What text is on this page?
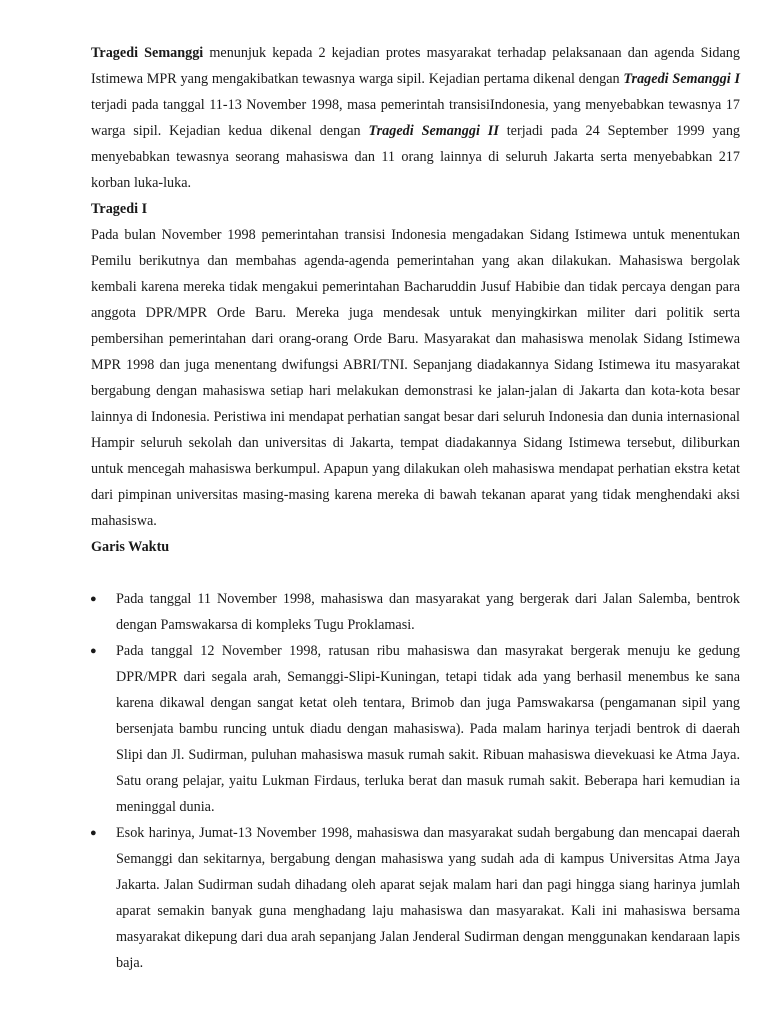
Tragedi Semanggi menunjuk kepada 2 kejadian protes masyarakat terhadap pelaksanaan dan agenda Sidang Istimewa MPR yang mengakibatkan tewasnya warga sipil. Kejadian pertama dikenal dengan Tragedi Semanggi I terjadi pada tanggal 11-13 November 1998, masa pemerintah transisiIndonesia, yang menyebabkan tewasnya 17 warga sipil. Kejadian kedua dikenal dengan Tragedi Semanggi II terjadi pada 24 September 1999 yang menyebabkan tewasnya seorang mahasiswa dan 11 orang lainnya di seluruh Jakarta serta menyebabkan 217 korban luka-luka.

Tragedi I

Pada bulan November 1998 pemerintahan transisi Indonesia mengadakan Sidang Istimewa untuk menentukan Pemilu berikutnya dan membahas agenda-agenda pemerintahan yang akan dilakukan. Mahasiswa bergolak kembali karena mereka tidak mengakui pemerintahan Bacharuddin Jusuf Habibie dan tidak percaya dengan para anggota DPR/MPR Orde Baru. Mereka juga mendesak untuk menyingkirkan militer dari politik serta pembersihan pemerintahan dari orang-orang Orde Baru. Masyarakat dan mahasiswa menolak Sidang Istimewa MPR 1998 dan juga menentang dwifungsi ABRI/TNI. Sepanjang diadakannya Sidang Istimewa itu masyarakat bergabung dengan mahasiswa setiap hari melakukan demonstrasi ke jalan-jalan di Jakarta dan kota-kota besar lainnya di Indonesia. Peristiwa ini mendapat perhatian sangat besar dari seluruh Indonesia dan dunia internasional Hampir seluruh sekolah dan universitas di Jakarta, tempat diadakannya Sidang Istimewa tersebut, diliburkan untuk mencegah mahasiswa berkumpul. Apapun yang dilakukan oleh mahasiswa mendapat perhatian ekstra ketat dari pimpinan universitas masing-masing karena mereka di bawah tekanan aparat yang tidak menghendaki aksi mahasiswa.

Garis Waktu

● Pada tanggal 11 November 1998, mahasiswa dan masyarakat yang bergerak dari Jalan Salemba, bentrok dengan Pamswakarsa di kompleks Tugu Proklamasi.
● Pada tanggal 12 November 1998, ratusan ribu mahasiswa dan masyrakat bergerak menuju ke gedung DPR/MPR dari segala arah, Semanggi-Slipi-Kuningan, tetapi tidak ada yang berhasil menembus ke sana karena dikawal dengan sangat ketat oleh tentara, Brimob dan juga Pamswakarsa (pengamanan sipil yang bersenjata bambu runcing untuk diadu dengan mahasiswa). Pada malam harinya terjadi bentrok di daerah Slipi dan Jl. Sudirman, puluhan mahasiswa masuk rumah sakit. Ribuan mahasiswa dievekuasi ke Atma Jaya. Satu orang pelajar, yaitu Lukman Firdaus, terluka berat dan masuk rumah sakit. Beberapa hari kemudian ia meninggal dunia.
● Esok harinya, Jumat-13 November 1998, mahasiswa dan masyarakat sudah bergabung dan mencapai daerah Semanggi dan sekitarnya, bergabung dengan mahasiswa yang sudah ada di kampus Universitas Atma Jaya Jakarta. Jalan Sudirman sudah dihadang oleh aparat sejak malam hari dan pagi hingga siang harinya jumlah aparat semakin banyak guna menghadang laju mahasiswa dan masyarakat. Kali ini mahasiswa bersama masyarakat dikepung dari dua arah sepanjang Jalan Jenderal Sudirman dengan menggunakan kendaraan lapis baja.
